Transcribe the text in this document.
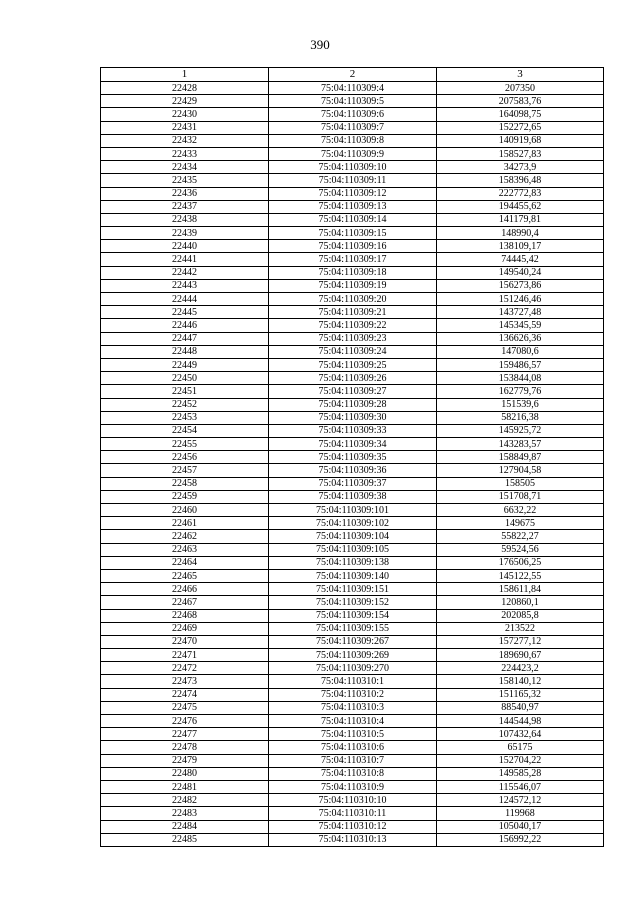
390
1	2	3
22428	75:04:110309:4	207350
22429	75:04:110309:5	207583,76
22430	75:04:110309:6	164098,75
22431	75:04:110309:7	152272,65
22432	75:04:110309:8	140919,68
22433	75:04:110309:9	158527,83
22434	75:04:110309:10	34273,9
22435	75:04:110309:11	158396,48
22436	75:04:110309:12	222772,83
22437	75:04:110309:13	194455,62
22438	75:04:110309:14	141179,81
22439	75:04:110309:15	148990,4
22440	75:04:110309:16	138109,17
22441	75:04:110309:17	74445,42
22442	75:04:110309:18	149540,24
22443	75:04:110309:19	156273,86
22444	75:04:110309:20	151246,46
22445	75:04:110309:21	143727,48
22446	75:04:110309:22	145345,59
22447	75:04:110309:23	136626,36
22448	75:04:110309:24	147080,6
22449	75:04:110309:25	159486,57
22450	75:04:110309:26	153844,08
22451	75:04:110309:27	162779,76
22452	75:04:110309:28	151539,6
22453	75:04:110309:30	58216,38
22454	75:04:110309:33	145925,72
22455	75:04:110309:34	143283,57
22456	75:04:110309:35	158849,87
22457	75:04:110309:36	127904,58
22458	75:04:110309:37	158505
22459	75:04:110309:38	151708,71
22460	75:04:110309:101	6632,22
22461	75:04:110309:102	149675
22462	75:04:110309:104	55822,27
22463	75:04:110309:105	59524,56
22464	75:04:110309:138	176506,25
22465	75:04:110309:140	145122,55
22466	75:04:110309:151	158611,84
22467	75:04:110309:152	120860,1
22468	75:04:110309:154	202085,8
22469	75:04:110309:155	213522
22470	75:04:110309:267	157277,12
22471	75:04:110309:269	189690,67
22472	75:04:110309:270	224423,2
22473	75:04:110310:1	158140,12
22474	75:04:110310:2	151165,32
22475	75:04:110310:3	88540,97
22476	75:04:110310:4	144544,98
22477	75:04:110310:5	107432,64
22478	75:04:110310:6	65175
22479	75:04:110310:7	152704,22
22480	75:04:110310:8	149585,28
22481	75:04:110310:9	115546,07
22482	75:04:110310:10	124572,12
22483	75:04:110310:11	119968
22484	75:04:110310:12	105040,17
22485	75:04:110310:13	156992,22
